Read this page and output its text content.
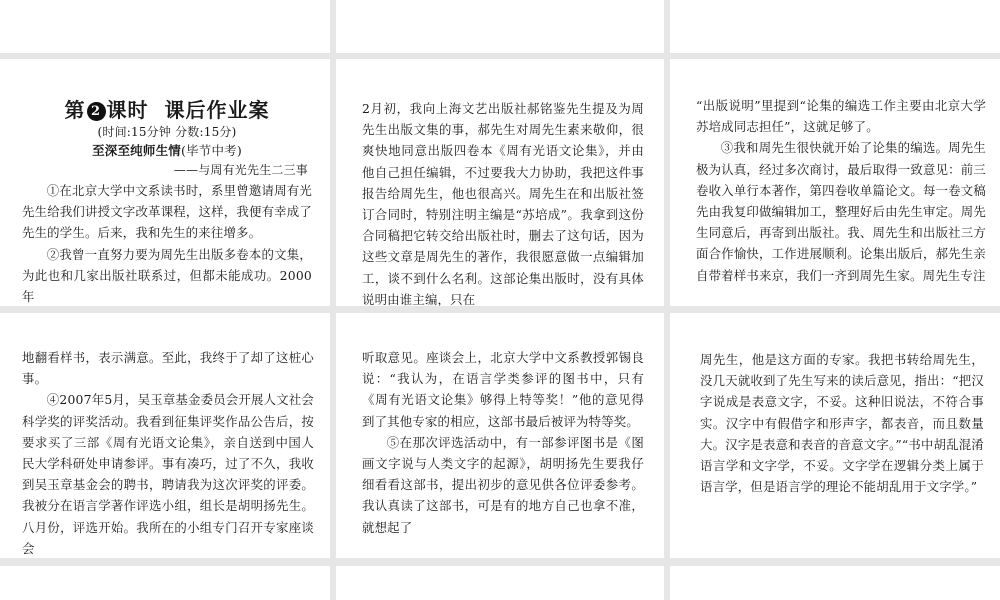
第 2 课时 课后作业案

(时间:15分钟 分数:15分)

至深至纯师生情(毕节中考)

——与周有光先生二三事

①在北京大学中文系读书时，系里曾邀请周有光先生给我们讲授文字改革课程，这样，我便有幸成了先生的学生。后来，我和先生的来往增多。

②我曾一直努力要为周先生出版多卷本的文集，为此也和几家出版社联系过，但都未能成功。2000年

2月初，我向上海文艺出版社郝铭鉴先生提及为周先生出版文集的事，郝先生对周先生素来敬仰，很爽快地同意出版四卷本《周有光语文论集》，并由他自己担任编辑，不过要我大力协助，我把这件事报告给周先生，他也很高兴。周先生在和出版社签订合同时，特别注明主编是“苏培成”。我拿到这份合同稿把它转交给出版社时，删去了这句话，因为这些文章是周先生的著作，我很愿意做一点编辑加工，谈不到什么名利。这部论集出版时，没有具体说明由谁主编，只在

“出版说明”里提到“论集的编选工作主要由北京大学苏培成同志担任”，这就足够了。

③我和周先生很快就开始了论集的编选。周先生极为认真，经过多次商讨，最后取得一致意见：前三卷收入单行本著作，第四卷收单篇论文。每一卷文稿先由我复印做编辑加工，整理好后由先生审定。周先生同意后，再寄到出版社。我、周先生和出版社三方面合作愉快，工作进展顺利。论集出版后，郝先生亲自带着样书来京，我们一齐到周先生家。周先生专注

地翻看样书，表示满意。至此，我终于了却了这桩心事。

④2007年5月，吴玉章基金委员会开展人文社会科学奖的评奖活动。我看到征集评奖作品公告后，按要求买了三部《周有光语文论集》，亲自送到中国人民大学科研处申请参评。事有凑巧，过了不久，我收到吴玉章基金会的聘书，聘请我为这次评奖的评委。我被分在语言学著作评选小组，组长是胡明扬先生。八月份，评选开始。我所在的小组专门召开专家座谈会

听取意见。座谈会上，北京大学中文系教授郭锡良说：“我认为，在语言学类参评的图书中，只有《周有光语文论集》够得上特等奖！”他的意见得到了其他专家的相应，这部书最后被评为特等奖。

⑤在那次评选活动中，有一部参评图书是《图画文字说与人类文字的起源》，胡明扬先生要我仔细看看这部书，提出初步的意见供各位评委参考。我认真读了这部书，可是有的地方自己也拿不准，就想起了

周先生，他是这方面的专家。我把书转给周先生，没几天就收到了先生写来的读后意见，指出：“把汉字说成是表意文字，不妥。这种旧说法，不符合事实。汉字中有假借字和形声字，都表音，而且数量大。汉字是表意和表音的音意文字。”“书中胡乱混淆语言学和文字学，不妥。文字学在逻辑分类上属于语言学，但是语言学的理论不能胡乱用于文字学。”
